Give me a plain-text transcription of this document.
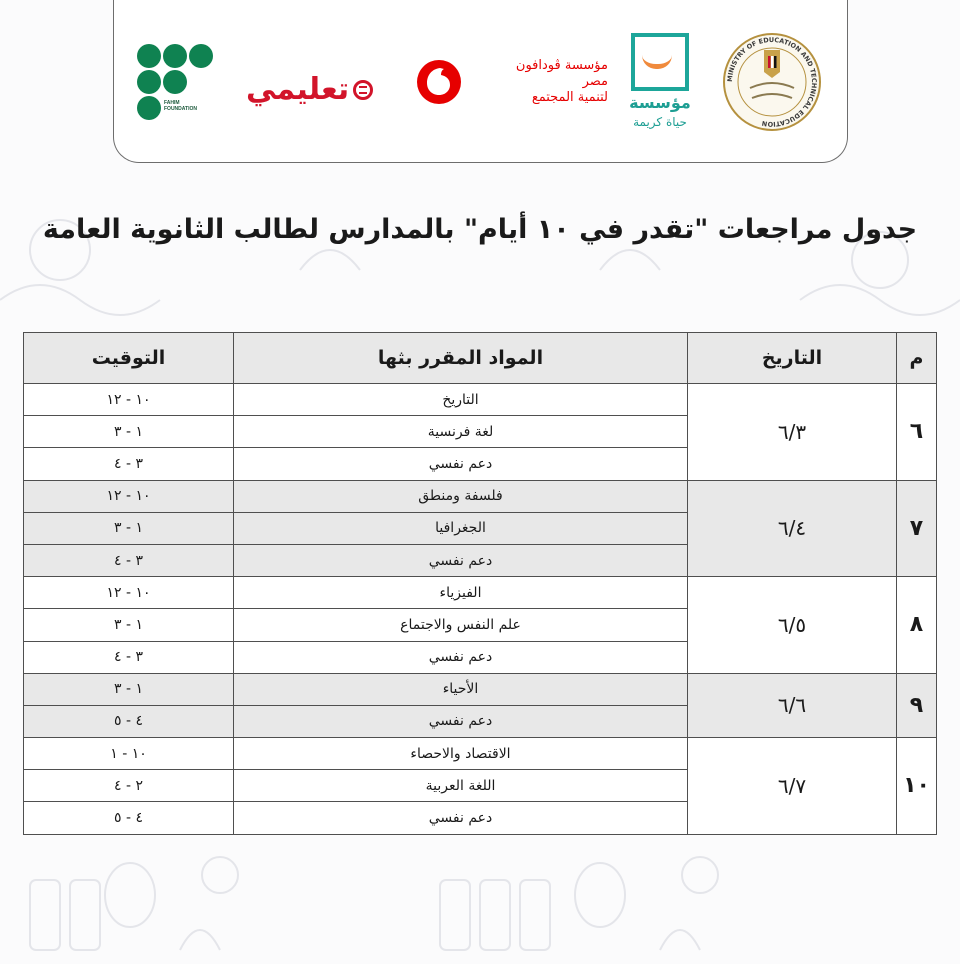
FAHIM
FOUNDATION
تعليمي
مؤسسة ڤودافون
مصر
لتنمية المجتمع مؤسسة
حياة كريمة
MINISTRY OF EDUCATION AND TECHNICAL EDUCATION
جدول مراجعات "تقدر في ١٠ أيام" بالمدارس لطالب الثانوية العامة
م	التاريخ	المواد المقرر بثها	التوقيت
٦	٦/٣	التاريخ	١٠ - ١٢
		لغة فرنسية	١ - ٣
		دعم نفسي	٣ - ٤
٧	٦/٤	فلسفة ومنطق	١٠ - ١٢
		الجغرافيا	١ - ٣
		دعم نفسي	٣ - ٤
٨	٦/٥	الفيزياء	١٠ - ١٢
		علم النفس والاجتماع	١ - ٣
		دعم نفسي	٣ - ٤
٩	٦/٦	الأحياء	١ - ٣
		دعم نفسي	٤ - ٥
١٠	٦/٧	الاقتصاد والاحصاء	١٠ - ١
		اللغة العربية	٢ - ٤
		دعم نفسي	٤ - ٥
